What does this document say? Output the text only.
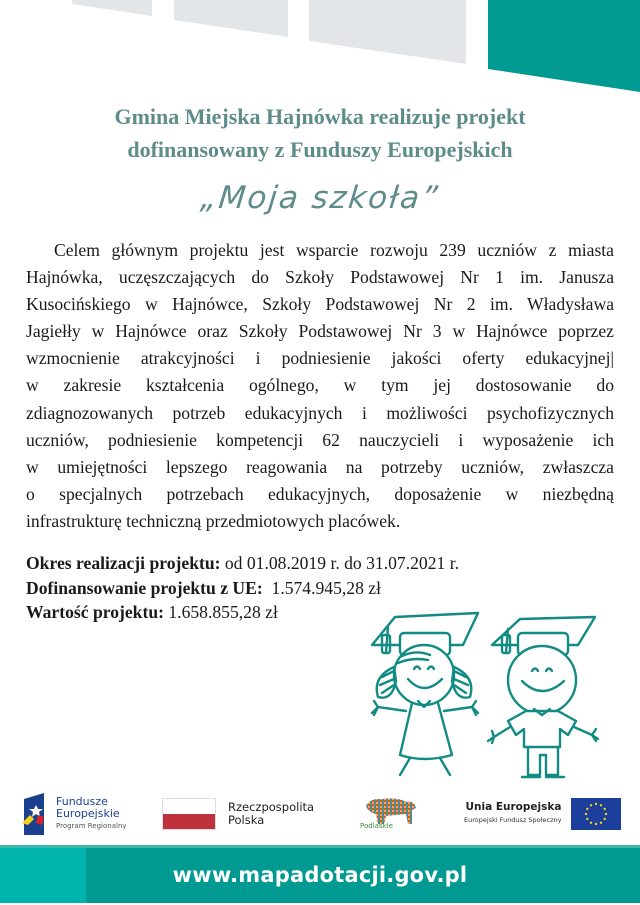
Gmina Miejska Hajnówka realizuje projekt
dofinansowany z Funduszy Europejskich
„Moja szkoła”
Celem głównym projektu jest wsparcie rozwoju 239 uczniów z miasta
Hajnówka, uczęszczających do Szkoły Podstawowej Nr 1 im. Janusza
Kusocińskiego w Hajnówce, Szkoły Podstawowej Nr 2 im. Władysława
Jagiełły w Hajnówce oraz Szkoły Podstawowej Nr 3 w Hajnówce poprzez
wzmocnienie atrakcyjności i podniesienie jakości oferty edukacyjnej|
w zakresie kształcenia ogólnego, w tym jej dostosowanie do
zdiagnozowanych potrzeb edukacyjnych i możliwości psychofizycznych
uczniów, podniesienie kompetencji 62 nauczycieli i wyposażenie ich
w umiejętności lepszego reagowania na potrzeby uczniów, zwłaszcza
o specjalnych potrzebach edukacyjnych, doposażenie w niezbędną
infrastrukturę techniczną przedmiotowych placówek.
Okres realizacji projektu: od 01.08.2019 r. do 31.07.2021 r.
Dofinansowanie projektu z UE:  1.574.945,28 zł
Wartość projektu: 1.658.855,28 zł
Fundusze
Europejskie
Program Regionalny
Rzeczpospolita
Polska	Podlaskie
Unia Europejska
Europejski Fundusz Społeczny
www.mapadotacji.gov.pl
